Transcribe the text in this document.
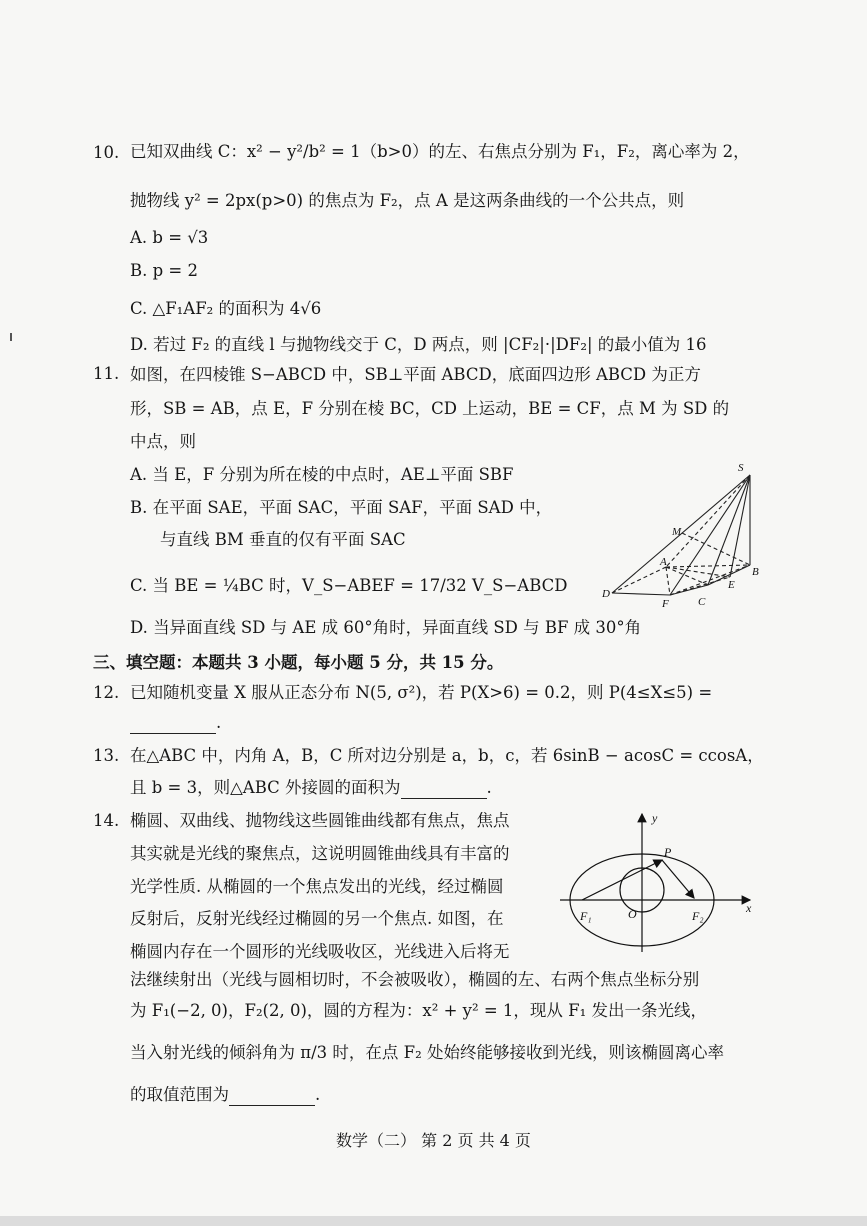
10. 已知双曲线 C：x² − y²/b² = 1（b>0）的左、右焦点分别为 F₁，F₂，离心率为 2，
抛物线 y² = 2px(p>0) 的焦点为 F₂，点 A 是这两条曲线的一个公共点，则
A. b = √3
B. p = 2
C. △F₁AF₂ 的面积为 4√6
D. 若过 F₂ 的直线 l 与抛物线交于 C，D 两点，则 |CF₂|·|DF₂| 的最小值为 16
11. 如图，在四棱锥 S−ABCD 中，SB⊥平面 ABCD，底面四边形 ABCD 为正方
形，SB = AB，点 E，F 分别在棱 BC，CD 上运动，BE = CF，点 M 为 SD 的
中点，则
A. 当 E，F 分别为所在棱的中点时，AE⊥平面 SBF
B. 在平面 SAE，平面 SAC，平面 SAF，平面 SAD 中，
与直线 BM 垂直的仅有平面 SAC
C. 当 BE = ¼BC 时，V_S−ABEF = 17/32 V_S−ABCD
D. 当异面直线 SD 与 AE 成 60°角时，异面直线 SD 与 BF 成 30°角
S
M
A
B
E
D
F	C
三、填空题：本题共 3 小题，每小题 5 分，共 15 分。
12. 已知随机变量 X 服从正态分布 N(5, σ²)，若 P(X>6) = 0.2，则 P(4≤X≤5) =
.
13. 在△ABC 中，内角 A，B，C 所对边分别是 a，b，c，若 6sinB − acosC = ccosA，
且 b = 3，则△ABC 外接圆的面积为	.
14. 椭圆、双曲线、抛物线这些圆锥曲线都有焦点，焦点
其实就是光线的聚焦点，这说明圆锥曲线具有丰富的
光学性质. 从椭圆的一个焦点发出的光线，经过椭圆
反射后，反射光线经过椭圆的另一个焦点. 如图，在
椭圆内存在一个圆形的光线吸收区，光线进入后将无
法继续射出（光线与圆相切时，不会被吸收），椭圆的左、右两个焦点坐标分别
为 F₁(−2, 0)，F₂(2, 0)，圆的方程为：x² + y² = 1，现从 F₁ 发出一条光线，
当入射光线的倾斜角为 π/3 时，在点 F₂ 处始终能够接收到光线，则该椭圆离心率
的取值范围为	.
y
P
F₁	O	F₂
x
数学（二） 第 2 页 共 4 页
